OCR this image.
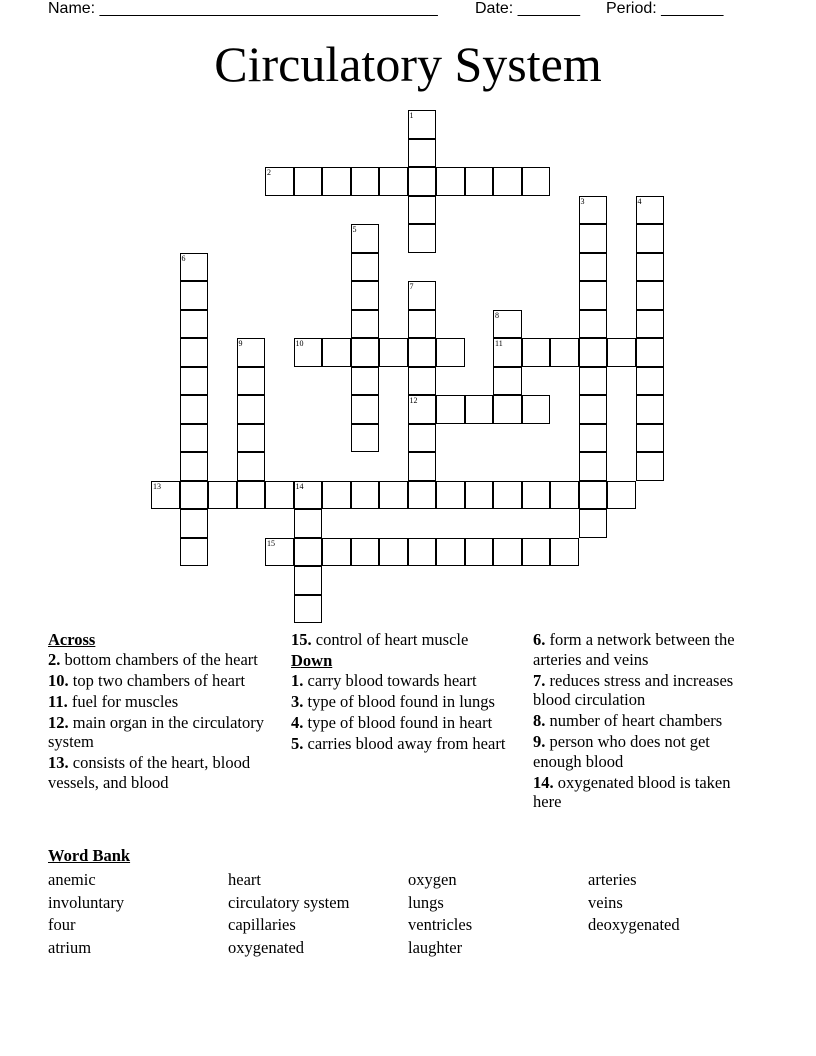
Name: ______________________________________ Date: _______ Period: _______
Circulatory System
1
2
3	4
5
6
7
12
8
11
9	10
13	14
15
Across
2. bottom chambers of the heart
10. top two chambers of heart
11. fuel for muscles
12. main organ in the circulatory system
13. consists of the heart, blood vessels, and blood
15. control of heart muscle
Down
1. carry blood towards heart
3. type of blood found in lungs
4. type of blood found in heart
5. carries blood away from heart
6. form a network between the arteries and veins
7. reduces stress and increases blood circulation
8. number of heart chambers
9. person who does not get enough blood
14. oxygenated blood is taken here
Word Bank
anemic
involuntary
four
atrium
heart
circulatory system
capillaries
oxygenated
oxygen
lungs
ventricles
laughter
arteries
veins
deoxygenated
